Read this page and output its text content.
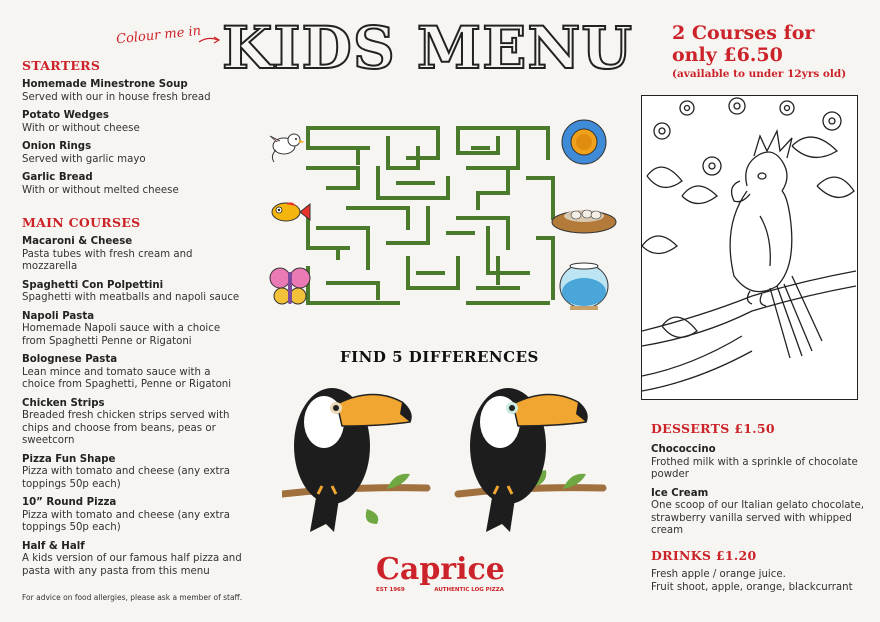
Colour me in KIDS MENU 2 Courses for
only £6.50
(available to under 12yrs old)
STARTERS
Homemade Minestrone Soup
Served with our in house fresh bread
Potato Wedges
With or without cheese
Onion Rings
Served with garlic mayo
Garlic Bread
With or without melted cheese
MAIN COURSES
Macaroni & Cheese
Pasta tubes with fresh cream and mozzarella
Spaghetti Con Polpettini
Spaghetti with meatballs and napoli sauce
Napoli Pasta
Homemade Napoli sauce with a choice from Spaghetti Penne or Rigatoni
Bolognese Pasta
Lean mince and tomato sauce with a choice from Spaghetti, Penne or Rigatoni
Chicken Strips
Breaded fresh chicken strips served with chips and choose from beans, peas or sweetcorn
Pizza Fun Shape
Pizza with tomato and cheese (any extra toppings 50p each)
10” Round Pizza
Pizza with tomato and cheese (any extra toppings 50p each)
Half & Half
A kids version of our famous half pizza and pasta with any pasta from this menu
FIND 5 DIFFERENCES
DESSERTS £1.50
Chococcino
Frothed milk with a sprinkle of chocolate powder
Ice Cream
One scoop of our Italian gelato chocolate, strawberry vanilla served with whipped cream
DRINKS £1.20
Fresh apple / orange juice.
Fruit shoot, apple, orange, blackcurrant
Caprice
EST 1969	AUTHENTIC LOG PIZZA
For advice on food allergies, please ask a member of staff.
